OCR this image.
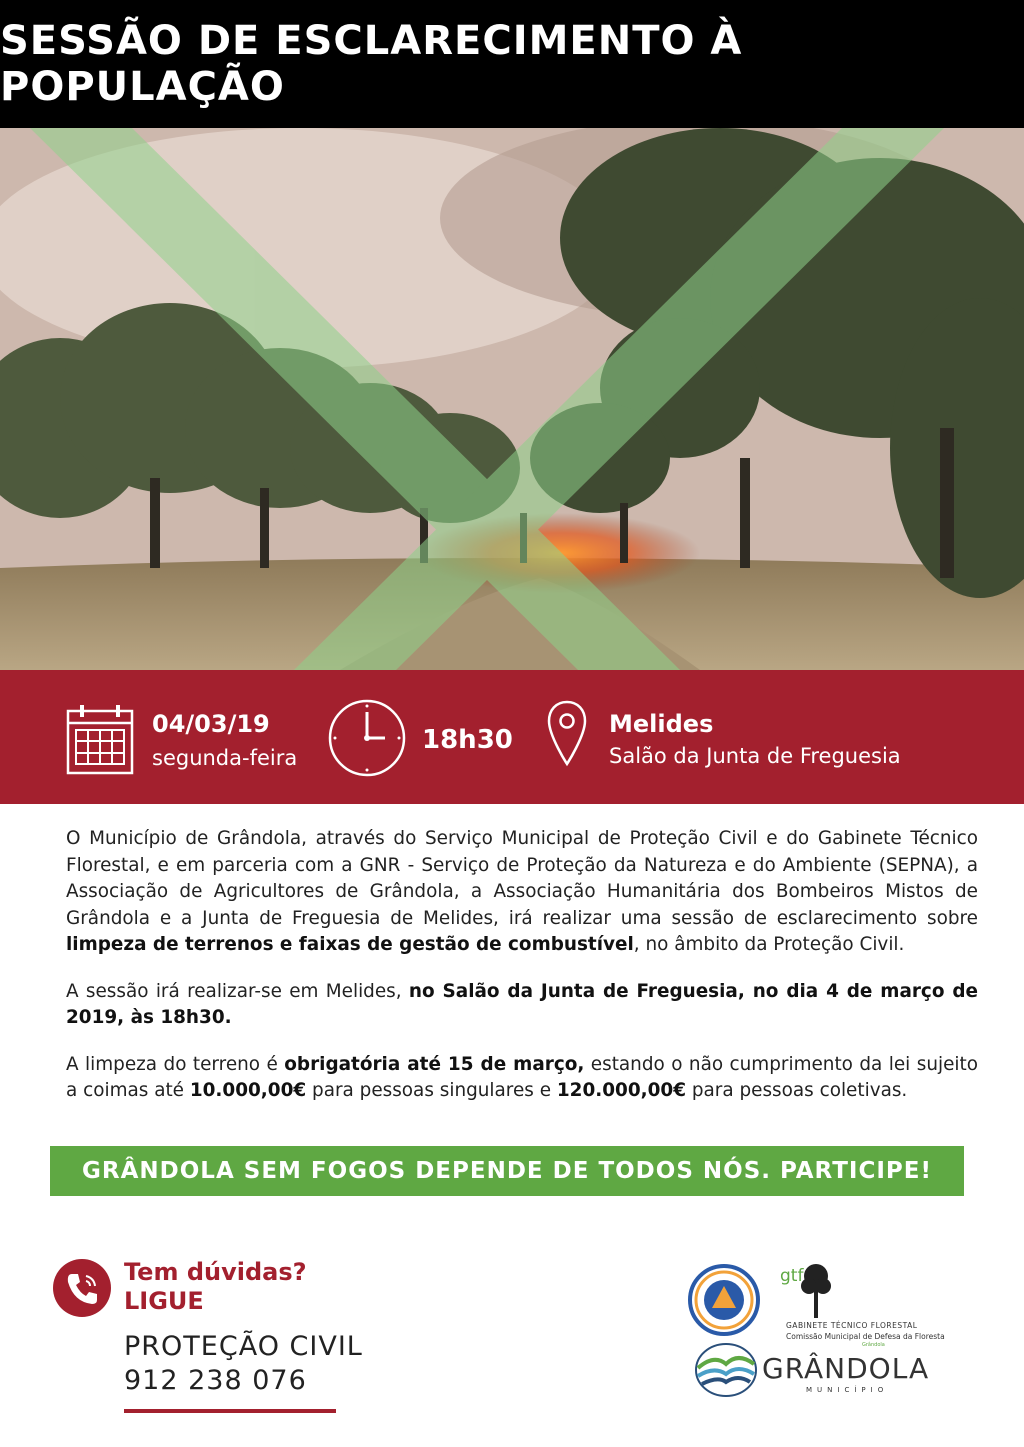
SESSÃO DE ESCLARECIMENTO À POPULAÇÃO
04/03/19
segunda-feira
18h30
Melides
Salão da Junta de Freguesia

O Município de Grândola, através do Serviço Municipal de Proteção Civil e do Gabinete Técnico Florestal, e em parceria com a GNR - Serviço de Proteção da Natureza e do Ambiente (SEPNA), a Associação de Agricultores de Grândola, a Associação Humanitária dos Bombeiros Mistos de Grândola e a Junta de Freguesia de Melides, irá realizar uma sessão de esclarecimento sobre limpeza de terrenos e faixas de gestão de combustível, no âmbito da Proteção Civil.

A sessão irá realizar-se em Melides, no Salão da Junta de Freguesia, no dia 4 de março de 2019, às 18h30.

A limpeza do terreno é obrigatória até 15 de março, estando o não cumprimento da lei sujeito a coimas até 10.000,00€ para pessoas singulares e 120.000,00€ para pessoas coletivas.

GRÂNDOLA SEM FOGOS DEPENDE DE TODOS NÓS. PARTICIPE!
Tem dúvidas?
LIGUE
PROTEÇÃO CIVIL
912 238 076
gtf
GABINETE TÉCNICO FLORESTAL
Comissão Municipal de Defesa da Floresta
Grândola
GRÂNDOLA
MUNICÍPIO
